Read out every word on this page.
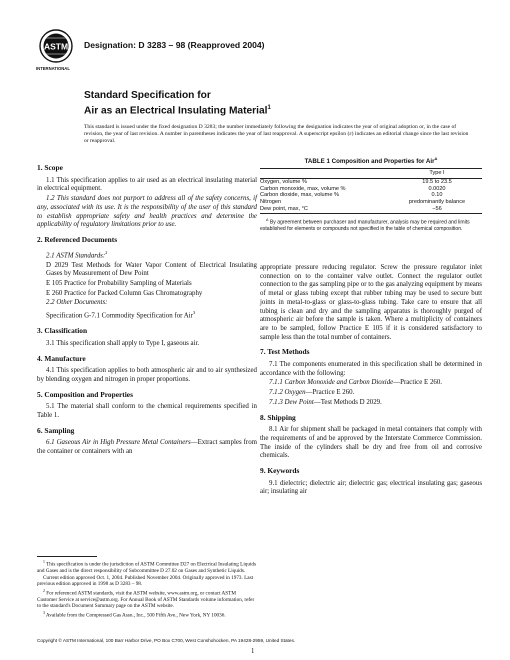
ASTM
INTERNATIONAL
Designation: D 3283 – 98 (Reapproved 2004)
Standard Specification for
Air as an Electrical Insulating Material$^1$
This standard is issued under the fixed designation D 3283; the number immediately following the designation indicates the year of original adoption or, in the case of revision, the year of last revision. A number in parentheses indicates the year of last reapproval. A superscript epsilon (ε) indicates an editorial change since the last revision or reapproval.
1. Scope

1.1 This specification applies to air used as an electrical insulating material in electrical equipment.

1.2 This standard does not purport to address all of the safety concerns, if any, associated with its use. It is the responsibility of the user of this standard to establish appropriate safety and health practices and determine the applicability of regulatory limitations prior to use.

2. Referenced Documents

2.1 ASTM Standards:$^2$

D 2029 Test Methods for Water Vapor Content of Electrical Insulating Gases by Measurement of Dew Point

E 105 Practice for Probability Sampling of Materials

E 260 Practice for Packed Column Gas Chromatography

2.2 Other Documents:

Specification G-7.1 Commodity Specification for Air$^3$

3. Classification

3.1 This specification shall apply to Type I, gaseous air.

4. Manufacture

4.1 This specification applies to both atmospheric air and to air synthesized by blending oxygen and nitrogen in proper proportions.

5. Composition and Properties

5.1 The material shall conform to the chemical requirements specified in Table 1.

6. Sampling

6.1 Gaseous Air in High Pressure Metal Containers—Extract samples from the container or containers with an

TABLE 1 Composition and Properties for Air$^A$
Type I
Oxygen, volume %	19.5 to 23.5
Carbon monoxide, max, volume %	0.0020
Carbon dioxide, max, volume %	0.10
Nitrogen	predominantly balance
Dew point, max, °C	−56
$^A$ By agreement between purchaser and manufacturer, analysis may be required and limits established for elements or compounds not specified in the table of chemical composition.

appropriate pressure reducing regulator. Screw the pressure regulator inlet connection on to the container valve outlet. Connect the regulator outlet connection to the gas sampling pipe or to the gas analyzing equipment by means of metal or glass tubing except that rubber tubing may be used to secure butt joints in metal-to-glass or glass-to-glass tubing. Take care to ensure that all tubing is clean and dry and the sampling apparatus is thoroughly purged of atmospheric air before the sample is taken. Where a multiplicity of containers are to be sampled, follow Practice E 105 if it is considered satisfactory to sample less than the total number of containers.

7. Test Methods

7.1 The components enumerated in this specification shall be determined in accordance with the following:

7.1.1 Carbon Monoxide and Carbon Dioxide—Practice E 260.

7.1.2 Oxygen—Practice E 260.

7.1.3 Dew Point—Test Methods D 2029.

8. Shipping

8.1 Air for shipment shall be packaged in metal containers that comply with the requirements of and be approved by the Interstate Commerce Commission. The inside of the cylinders shall be dry and free from oil and corrosive chemicals.

9. Keywords

9.1 dielectric; dielectric air; dielectric gas; electrical insulating gas; gaseous air; insulating air

$^1$ This specification is under the jurisdiction of ASTM Committee D27 on Electrical Insulating Liquids and Gases and is the direct responsibility of Subcommittee D 27.02 on Gases and Synthetic Liquids.

Current edition approved Oct. 1, 2004. Published November 2004. Originally approved in 1973. Last previous edition approved in 1998 as D 3283 – 98.

$^2$ For referenced ASTM standards, visit the ASTM website, www.astm.org, or contact ASTM Customer Service at service@astm.org. For Annual Book of ASTM Standards volume information, refer to the standard's Document Summary page on the ASTM website.

$^3$ Available from the Compressed Gas Assn., Inc., 500 Fifth Ave., New York, NY 10036.

Copyright © ASTM International, 100 Barr Harbor Drive, PO Box C700, West Conshohocken, PA 19428-2959, United States.
1
